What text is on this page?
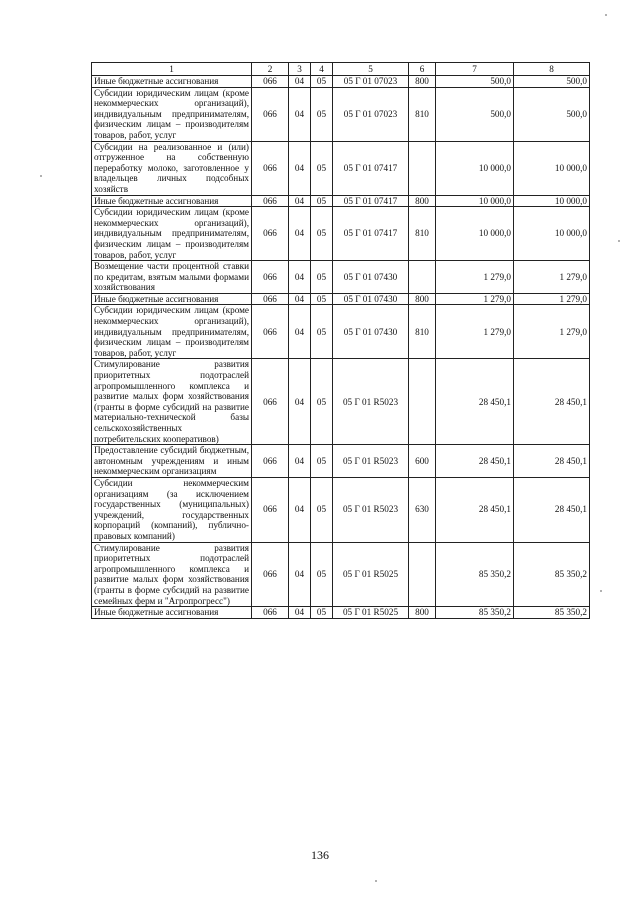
1	2	3	4	5	6	7	8
Иные бюджетные ассигнования	066	04	05	05 Г 01 07023	800	500,0	500,0
Субсидии юридическим лицам (кроме некоммерческих организаций), индивидуальным предпринимателям, физическим лицам – производителям товаров, работ, услуг	066	04	05	05 Г 01 07023	810	500,0	500,0
Субсидии на реализованное и (или) отгруженное на собственную переработку молоко, заготовленное у владельцев личных подсобных хозяйств	066	04	05	05 Г 01 07417		10 000,0	10 000,0
Иные бюджетные ассигнования	066	04	05	05 Г 01 07417	800	10 000,0	10 000,0
Субсидии юридическим лицам (кроме некоммерческих организаций), индивидуальным предпринимателям, физическим лицам – производителям товаров, работ, услуг	066	04	05	05 Г 01 07417	810	10 000,0	10 000,0
Возмещение части процентной ставки по кредитам, взятым малыми формами хозяйствования	066	04	05	05 Г 01 07430		1 279,0	1 279,0
Иные бюджетные ассигнования	066	04	05	05 Г 01 07430	800	1 279,0	1 279,0
Субсидии юридическим лицам (кроме некоммерческих организаций), индивидуальным предпринимателям, физическим лицам – производителям товаров, работ, услуг	066	04	05	05 Г 01 07430	810	1 279,0	1 279,0
Стимулирование развития приоритетных подотраслей агропромышленного комплекса и развитие малых форм хозяйствования (гранты в форме субсидий на развитие материально-технической базы сельскохозяйственных потребительских кооперативов)	066	04	05	05 Г 01 R5023		28 450,1	28 450,1
Предоставление субсидий бюджетным, автономным учреждениям и иным некоммерческим организациям	066	04	05	05 Г 01 R5023	600	28 450,1	28 450,1
Субсидии некоммерческим организациям (за исключением государственных (муниципальных) учреждений, государственных корпораций (компаний), публично-правовых компаний)	066	04	05	05 Г 01 R5023	630	28 450,1	28 450,1
Стимулирование развития приоритетных подотраслей агропромышленного комплекса и развитие малых форм хозяйствования (гранты в форме субсидий на развитие семейных ферм и "Агропрогресс")	066	04	05	05 Г 01 R5025		85 350,2	85 350,2
Иные бюджетные ассигнования	066	04	05	05 Г 01 R5025	800	85 350,2	85 350,2
136
